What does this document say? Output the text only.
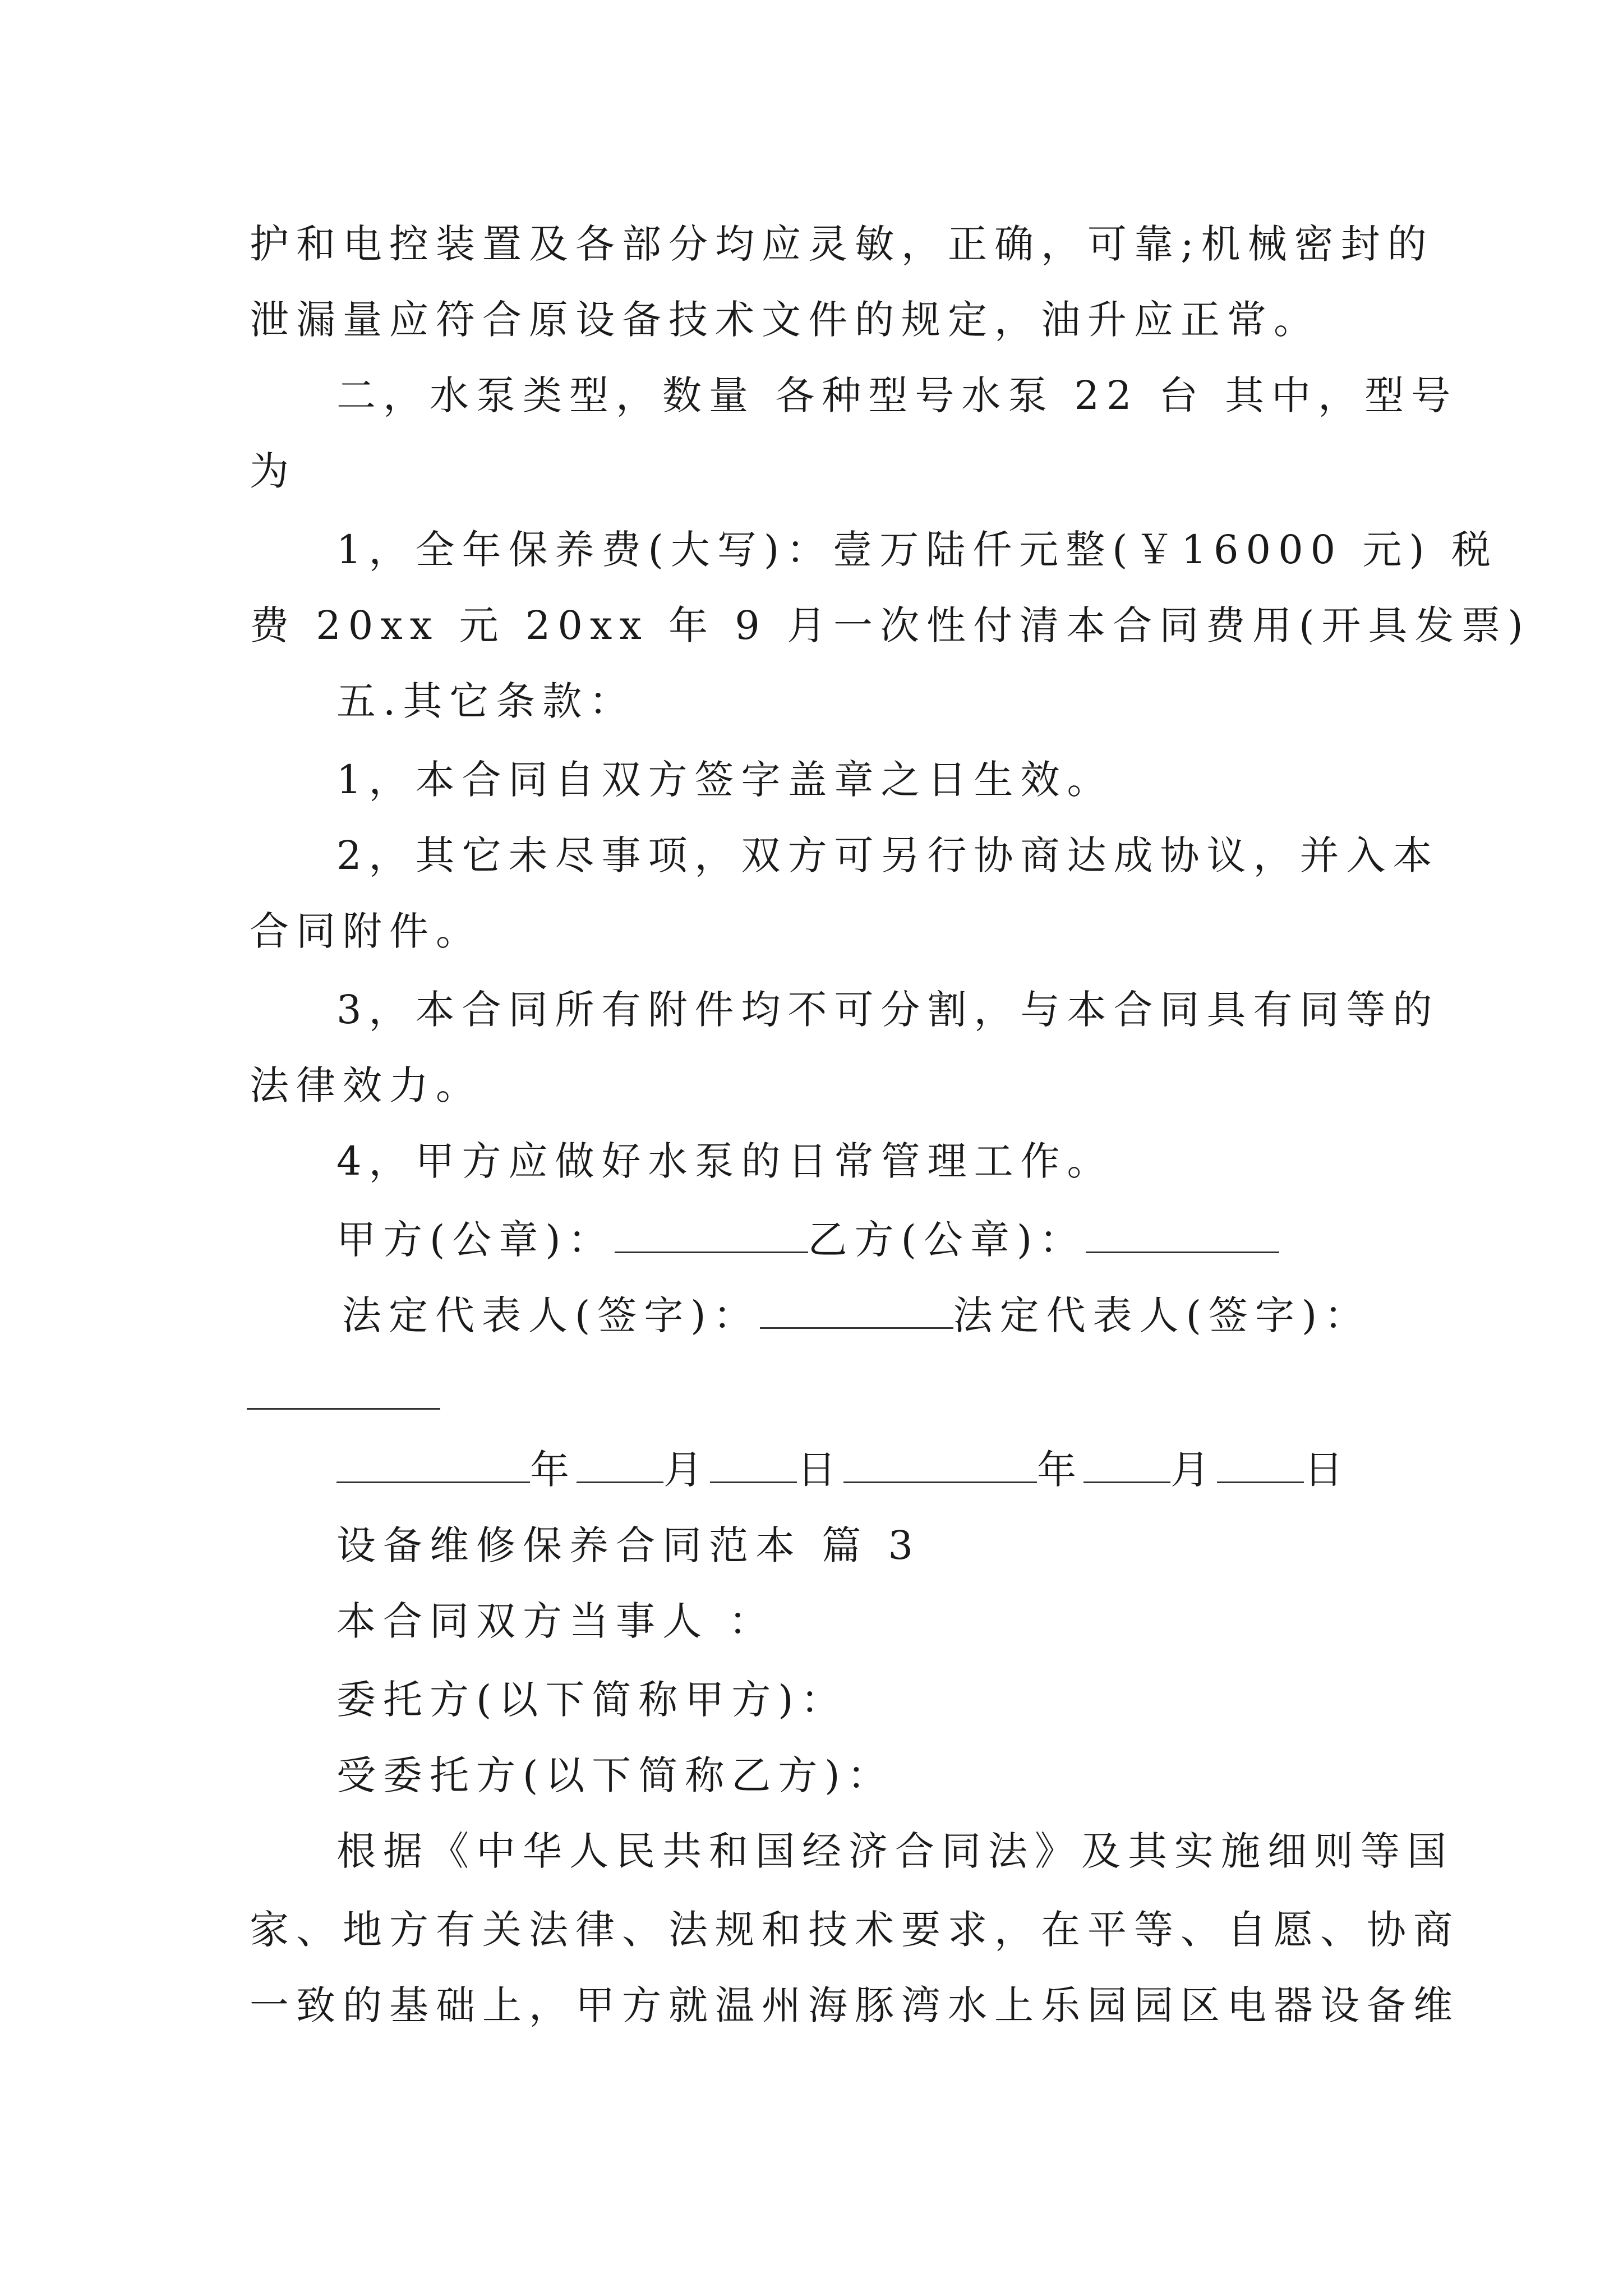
护和电控装置及各部分均应灵敏，正确，可靠;机械密封的
泄漏量应符合原设备技术文件的规定，油升应正常。
二，水泵类型，数量 各种型号水泵 22 台 其中，型号
为
1，全年保养费(大写)：壹万陆仟元整(￥16000 元) 税
费 20xx 元 20xx 年 9 月一次性付清本合同费用(开具发票)
五.其它条款：
1，本合同自双方签字盖章之日生效。
2，其它未尽事项，双方可另行协商达成协议，并入本
合同附件。
3，本合同所有附件均不可分割，与本合同具有同等的
法律效力。
4，甲方应做好水泵的日常管理工作。
甲方(公章)：	乙方(公章)：
法定代表人(签字)：	法定代表人(签字)：
年 月 日	年 月 日
设备维修保养合同范本 篇 3
本合同双方当事人 ：
委托方(以下简称甲方)：
受委托方(以下简称乙方)：
根据《中华人民共和国经济合同法》及其实施细则等国
家、地方有关法律、法规和技术要求，在平等、自愿、协商
一致的基础上，甲方就温州海豚湾水上乐园园区电器设备维
